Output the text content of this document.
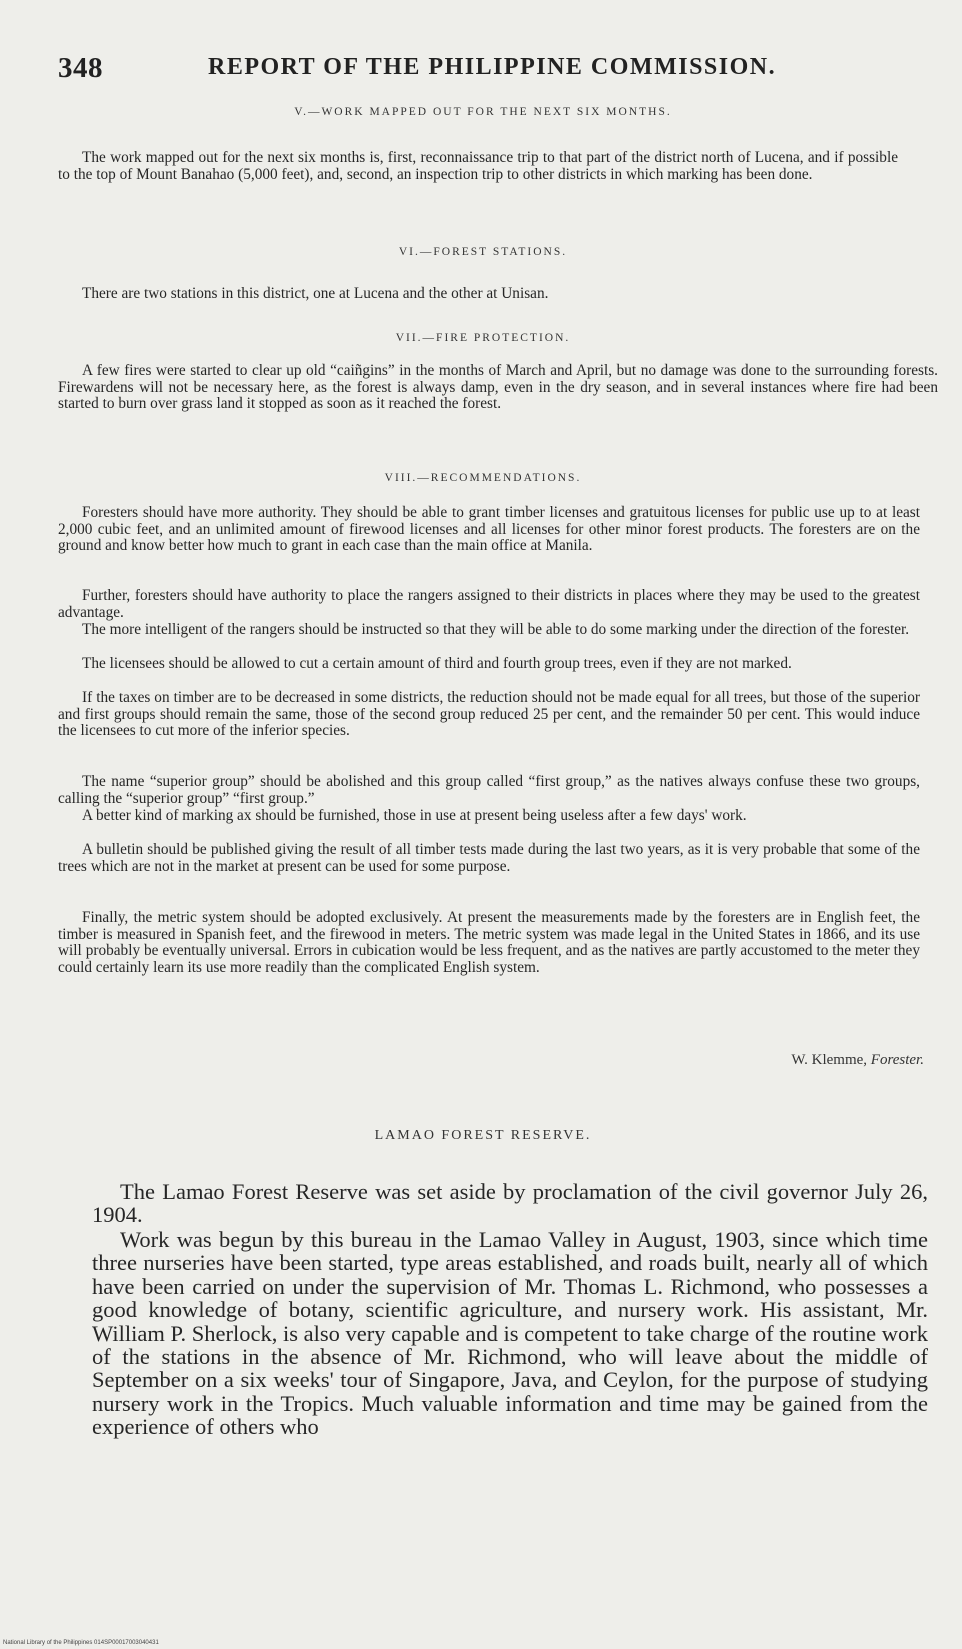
348	REPORT OF THE PHILIPPINE COMMISSION.
V.—WORK MAPPED OUT FOR THE NEXT SIX MONTHS.

The work mapped out for the next six months is, first, reconnaissance trip to that part of the district north of Lucena, and if possible to the top of Mount Banahao (5,000 feet), and, second, an inspection trip to other districts in which marking has been done.

VI.—FOREST STATIONS.

There are two stations in this district, one at Lucena and the other at Unisan.

VII.—FIRE PROTECTION.

A few fires were started to clear up old “caiñgins” in the months of March and April, but no damage was done to the surrounding forests. Firewardens will not be necessary here, as the forest is always damp, even in the dry season, and in several instances where fire had been started to burn over grass land it stopped as soon as it reached the forest.

VIII.—RECOMMENDATIONS.

Foresters should have more authority. They should be able to grant timber licenses and gratuitous licenses for public use up to at least 2,000 cubic feet, and an unlimited amount of firewood licenses and all licenses for other minor forest products. The foresters are on the ground and know better how much to grant in each case than the main office at Manila.

Further, foresters should have authority to place the rangers assigned to their districts in places where they may be used to the greatest advantage.

The more intelligent of the rangers should be instructed so that they will be able to do some marking under the direction of the forester.

The licensees should be allowed to cut a certain amount of third and fourth group trees, even if they are not marked.

If the taxes on timber are to be decreased in some districts, the reduction should not be made equal for all trees, but those of the superior and first groups should remain the same, those of the second group reduced 25 per cent, and the remainder 50 per cent. This would induce the licensees to cut more of the inferior species.

The name “superior group” should be abolished and this group called “first group,” as the natives always confuse these two groups, calling the “superior group” “first group.”

A better kind of marking ax should be furnished, those in use at present being useless after a few days' work.

A bulletin should be published giving the result of all timber tests made during the last two years, as it is very probable that some of the trees which are not in the market at present can be used for some purpose.

Finally, the metric system should be adopted exclusively. At present the measurements made by the foresters are in English feet, the timber is measured in Spanish feet, and the firewood in meters. The metric system was made legal in the United States in 1866, and its use will probably be eventually universal. Errors in cubication would be less frequent, and as the natives are partly accustomed to the meter they could certainly learn its use more readily than the complicated English system.

W. Klemme, Forester.
LAMAO FOREST RESERVE.

The Lamao Forest Reserve was set aside by proclamation of the civil governor July 26, 1904.

Work was begun by this bureau in the Lamao Valley in August, 1903, since which time three nurseries have been started, type areas established, and roads built, nearly all of which have been carried on under the supervision of Mr. Thomas L. Richmond, who possesses a good knowledge of botany, scientific agriculture, and nursery work. His assistant, Mr. William P. Sherlock, is also very capable and is competent to take charge of the routine work of the stations in the absence of Mr. Richmond, who will leave about the middle of September on a six weeks' tour of Singapore, Java, and Ceylon, for the purpose of studying nursery work in the Tropics. Much valuable information and time may be gained from the experience of others who

National Library of the Philippines 014SP00017003040431
